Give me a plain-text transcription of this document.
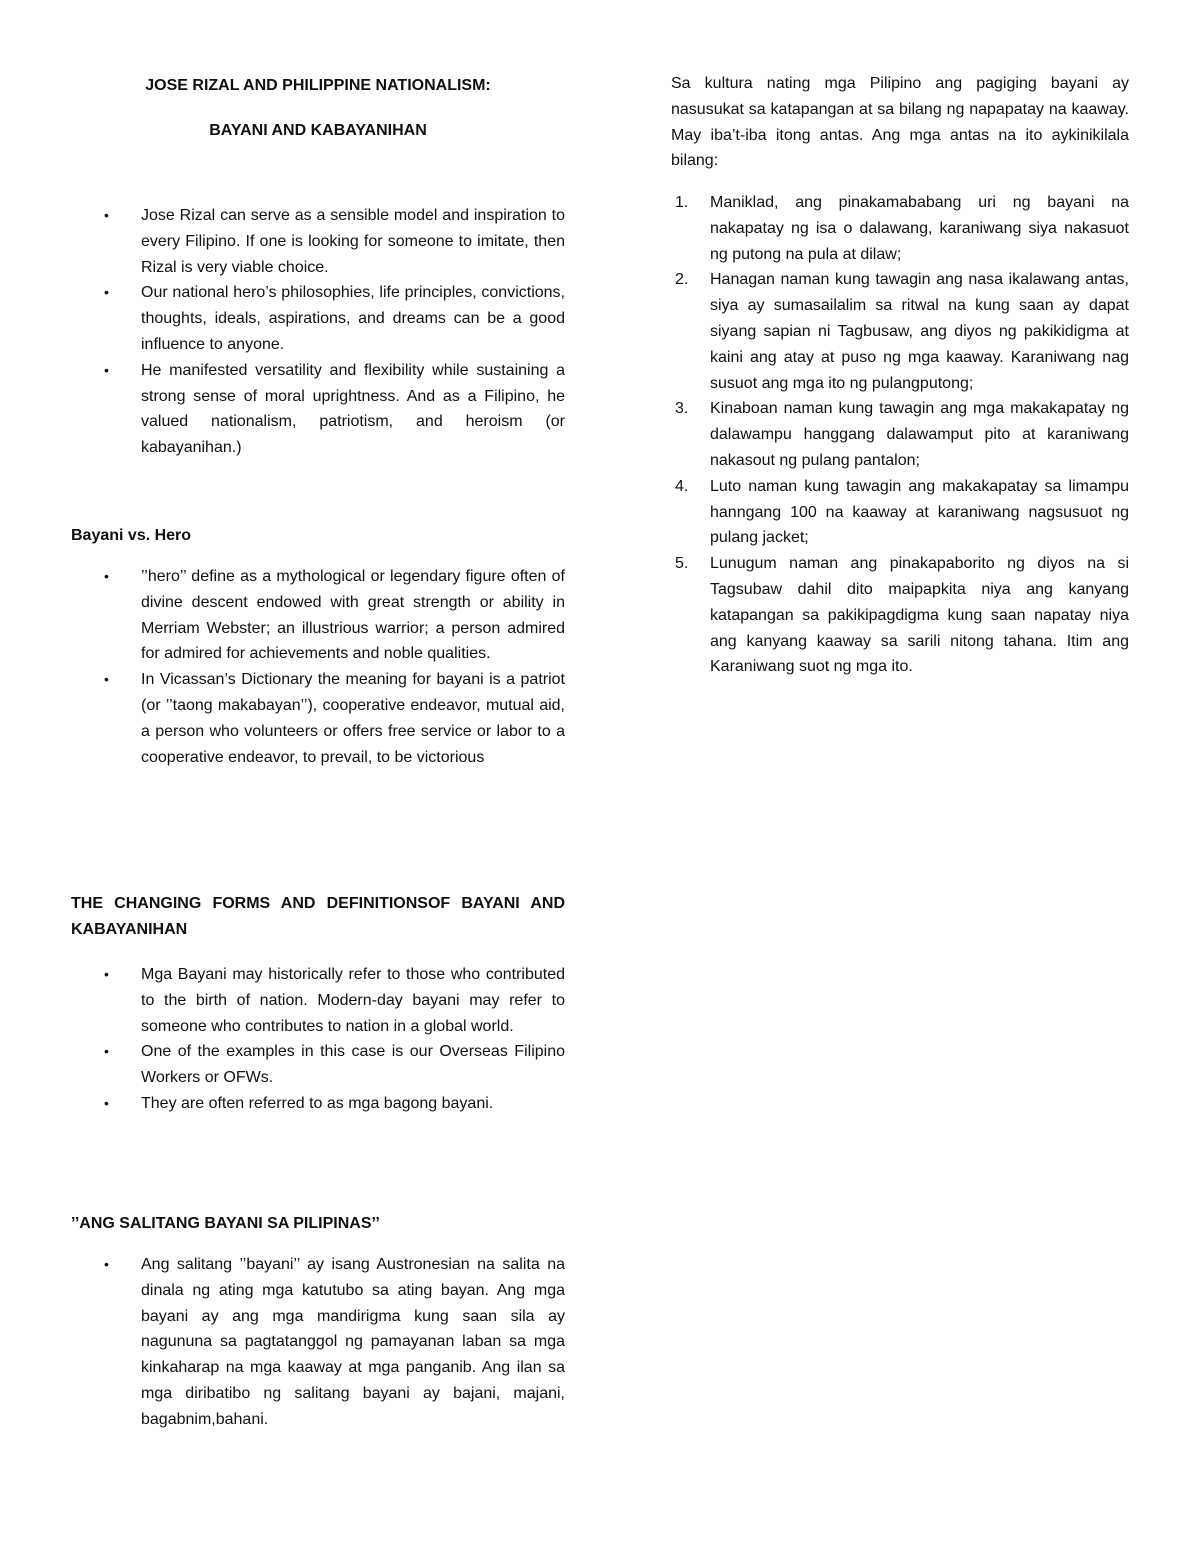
JOSE RIZAL AND PHILIPPINE NATIONALISM:
BAYANI AND KABAYANIHAN
• Jose Rizal can serve as a sensible model and inspiration to every Filipino. If one is looking for someone to imitate, then Rizal is very viable choice.
• Our national hero’s philosophies, life principles, convictions, thoughts, ideals, aspirations, and dreams can be a good influence to anyone.
• He manifested versatility and flexibility while sustaining a strong sense of moral uprightness. And as a Filipino, he valued nationalism, patriotism, and heroism (or kabayanihan.)
Bayani vs. Hero
• ’’hero’’ define as a mythological or legendary figure often of divine descent endowed with great strength or ability in Merriam Webster; an illustrious warrior; a person admired for admired for achievements and noble qualities.
• In Vicassan’s Dictionary the meaning for bayani is a patriot (or ’’taong makabayan’’), cooperative endeavor, mutual aid, a person who volunteers or offers free service or labor to a cooperative endeavor, to prevail, to be victorious
THE CHANGING FORMS AND DEFINITIONSOF BAYANI AND KABAYANIHAN
• Mga Bayani may historically refer to those who contributed to the birth of nation. Modern-day bayani may refer to someone who contributes to nation in a global world.
• One of the examples in this case is our Overseas Filipino Workers or OFWs.
• They are often referred to as mga bagong bayani.
’’ANG SALITANG BAYANI SA PILIPINAS’’
• Ang salitang ’’bayani’’ ay isang Austronesian na salita na dinala ng ating mga katutubo sa ating bayan. Ang mga bayani ay ang mga mandirigma kung saan sila ay nagununa sa pagtatanggol ng pamayanan laban sa mga kinkaharap na mga kaaway at mga panganib. Ang ilan sa mga diribatibo ng salitang bayani ay bajani, majani, bagabnim,bahani.

Sa kultura nating mga Pilipino ang pagiging bayani ay nasusukat sa katapangan at sa bilang ng napapatay na kaaway. May iba’t-iba itong antas. Ang mga antas na ito aykinikilala bilang:

1. Maniklad, ang pinakamababang uri ng bayani na nakapatay ng isa o dalawang, karaniwang siya nakasuot ng putong na pula at dilaw;
2. Hanagan naman kung tawagin ang nasa ikalawang antas, siya ay sumasailalim sa ritwal na kung saan ay dapat siyang sapian ni Tagbusaw, ang diyos ng pakikidigma at kaini ang atay at puso ng mga kaaway. Karaniwang nag susuot ang mga ito ng pulangputong;
3. Kinaboan naman kung tawagin ang mga makakapatay ng dalawampu hanggang dalawamput pito at karaniwang nakasout ng pulang pantalon;
4. Luto naman kung tawagin ang makakapatay sa limampu hanngang 100 na kaaway at karaniwang nagsusuot ng pulang jacket;
5. Lunugum naman ang pinakapaborito ng diyos na si Tagsubaw dahil dito maipapkita niya ang kanyang katapangan sa pakikipagdigma kung saan napatay niya ang kanyang kaaway sa sarili nitong tahana. Itim ang Karaniwang suot ng mga ito.
